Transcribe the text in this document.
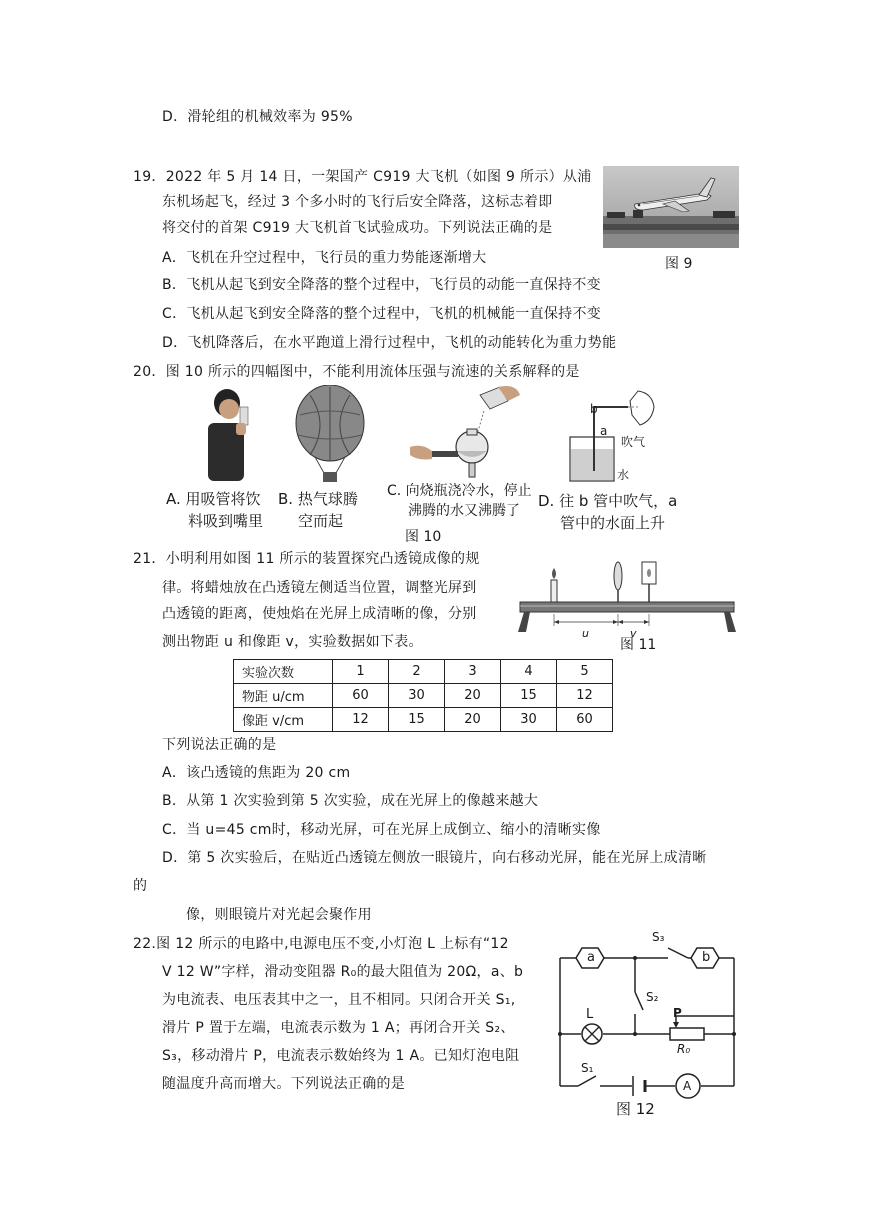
D．滑轮组的机械效率为 95%
19．2022 年 5 月 14 日，一架国产 C919 大飞机（如图 9 所示）从浦
东机场起飞，经过 3 个多小时的飞行后安全降落，这标志着即
将交付的首架 C919 大飞机首飞试验成功。下列说法正确的是
A．飞机在升空过程中，飞行员的重力势能逐渐增大
B．飞机从起飞到安全降落的整个过程中，飞行员的动能一直保持不变
C．飞机从起飞到安全降落的整个过程中，飞机的机械能一直保持不变
D．飞机降落后，在水平跑道上滑行过程中，飞机的动能转化为重力势能
图 9
20．图 10 所示的四幅图中，不能利用流体压强与流速的关系解释的是
b
a
吹气
水
A. 用吸管将饮
料吸到嘴里
B. 热气球腾
空而起
C. 向烧瓶浇冷水，停止
沸腾的水又沸腾了
D. 往 b 管中吹气，a
管中的水面上升
图 10
21．小明利用如图 11 所示的装置探究凸透镜成像的规
律。将蜡烛放在凸透镜左侧适当位置，调整光屏到
凸透镜的距离，使烛焰在光屏上成清晰的像，分别
测出物距 u 和像距 v，实验数据如下表。
u	v
图 11
实验次数	1	2	3	4	5
物距 u/cm	60	30	20	15	12
像距 v/cm	12	15	20	30	60
下列说法正确的是
A．该凸透镜的焦距为 20 cm
B．从第 1 次实验到第 5 次实验，成在光屏上的像越来越大
C．当 u=45 cm时，移动光屏，可在光屏上成倒立、缩小的清晰实像
D．第 5 次实验后，在贴近凸透镜左侧放一眼镜片，向右移动光屏，能在光屏上成清晰
的
像，则眼镜片对光起会聚作用
22.图 12 所示的电路中,电源电压不变,小灯泡 L 上标有“12
V 12 W”字样，滑动变阻器 R₀的最大阻值为 20Ω，a、b
为电流表、电压表其中之一，且不相同。只闭合开关 S₁,
滑片 P 置于左端，电流表示数为 1 A；再闭合开关 S₂、
S₃，移动滑片 P，电流表示数始终为 1 A。已知灯泡电阻
随温度升高而增大。下列说法正确的是
a	b
S₃
S₂
S₁
L	P
R₀
A
图 12
